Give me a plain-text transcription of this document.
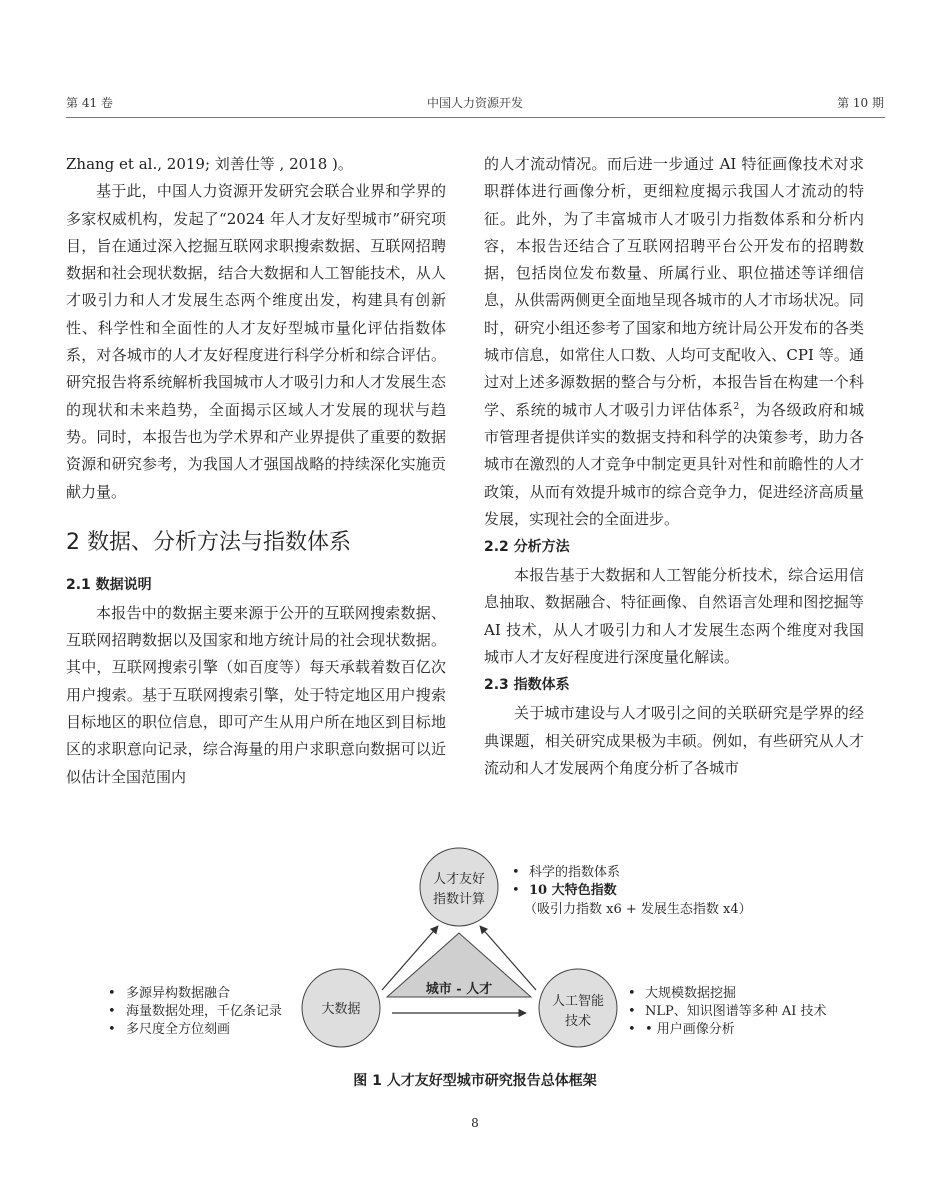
第 41 卷	中国人力资源开发	第 10 期

Zhang et al., 2019; 刘善仕等 , 2018 )。

基于此，中国人力资源开发研究会联合业界和学界的多家权威机构，发起了“2024 年人才友好型城市”研究项目，旨在通过深入挖掘互联网求职搜索数据、互联网招聘数据和社会现状数据，结合大数据和人工智能技术，从人才吸引力和人才发展生态两个维度出发，构建具有创新性、科学性和全面性的人才友好型城市量化评估指数体系，对各城市的人才友好程度进行科学分析和综合评估。研究报告将系统解析我国城市人才吸引力和人才发展生态的现状和未来趋势，全面揭示区域人才发展的现状与趋势。同时，本报告也为学术界和产业界提供了重要的数据资源和研究参考，为我国人才强国战略的持续深化实施贡献力量。

2 数据、分析方法与指数体系
2.1 数据说明

本报告中的数据主要来源于公开的互联网搜索数据、互联网招聘数据以及国家和地方统计局的社会现状数据。其中，互联网搜索引擎（如百度等）每天承载着数百亿次用户搜索。基于互联网搜索引擎，处于特定地区用户搜索目标地区的职位信息，即可产生从用户所在地区到目标地区的求职意向记录，综合海量的用户求职意向数据可以近似估计全国范围内

的人才流动情况。而后进一步通过 AI 特征画像技术对求职群体进行画像分析，更细粒度揭示我国人才流动的特征。此外，为了丰富城市人才吸引力指数体系和分析内容，本报告还结合了互联网招聘平台公开发布的招聘数据，包括岗位发布数量、所属行业、职位描述等详细信息，从供需两侧更全面地呈现各城市的人才市场状况。同时，研究小组还参考了国家和地方统计局公开发布的各类城市信息，如常住人口数、人均可支配收入、CPI 等。通过对上述多源数据的整合与分析，本报告旨在构建一个科学、系统的城市人才吸引力评估体系$^2$，为各级政府和城市管理者提供详实的数据支持和科学的决策参考，助力各城市在激烈的人才竞争中制定更具针对性和前瞻性的人才政策，从而有效提升城市的综合竞争力，促进经济高质量发展，实现社会的全面进步。

2.2 分析方法

本报告基于大数据和人工智能分析技术，综合运用信息抽取、数据融合、特征画像、自然语言处理和图挖掘等 AI 技术，从人才吸引力和人才发展生态两个维度对我国城市人才友好程度进行深度量化解读。

2.3 指数体系

关于城市建设与人才吸引之间的关联研究是学界的经典课题，相关研究成果极为丰硕。例如，有些研究从人才流动和人才发展两个角度分析了各城市

人才友好
指数计算
大数据
人工智能
技术
城市 - 人才
• 科学的指数体系
• 10 大特色指数
（吸引力指数 x6 + 发展生态指数 x4）
• 多源异构数据融合
• 海量数据处理，千亿条记录
• 多尺度全方位刻画
• 大规模数据挖掘
• NLP、知识图谱等多种 AI 技术
• • 用户画像分析
图 1 人才友好型城市研究报告总体框架
8
